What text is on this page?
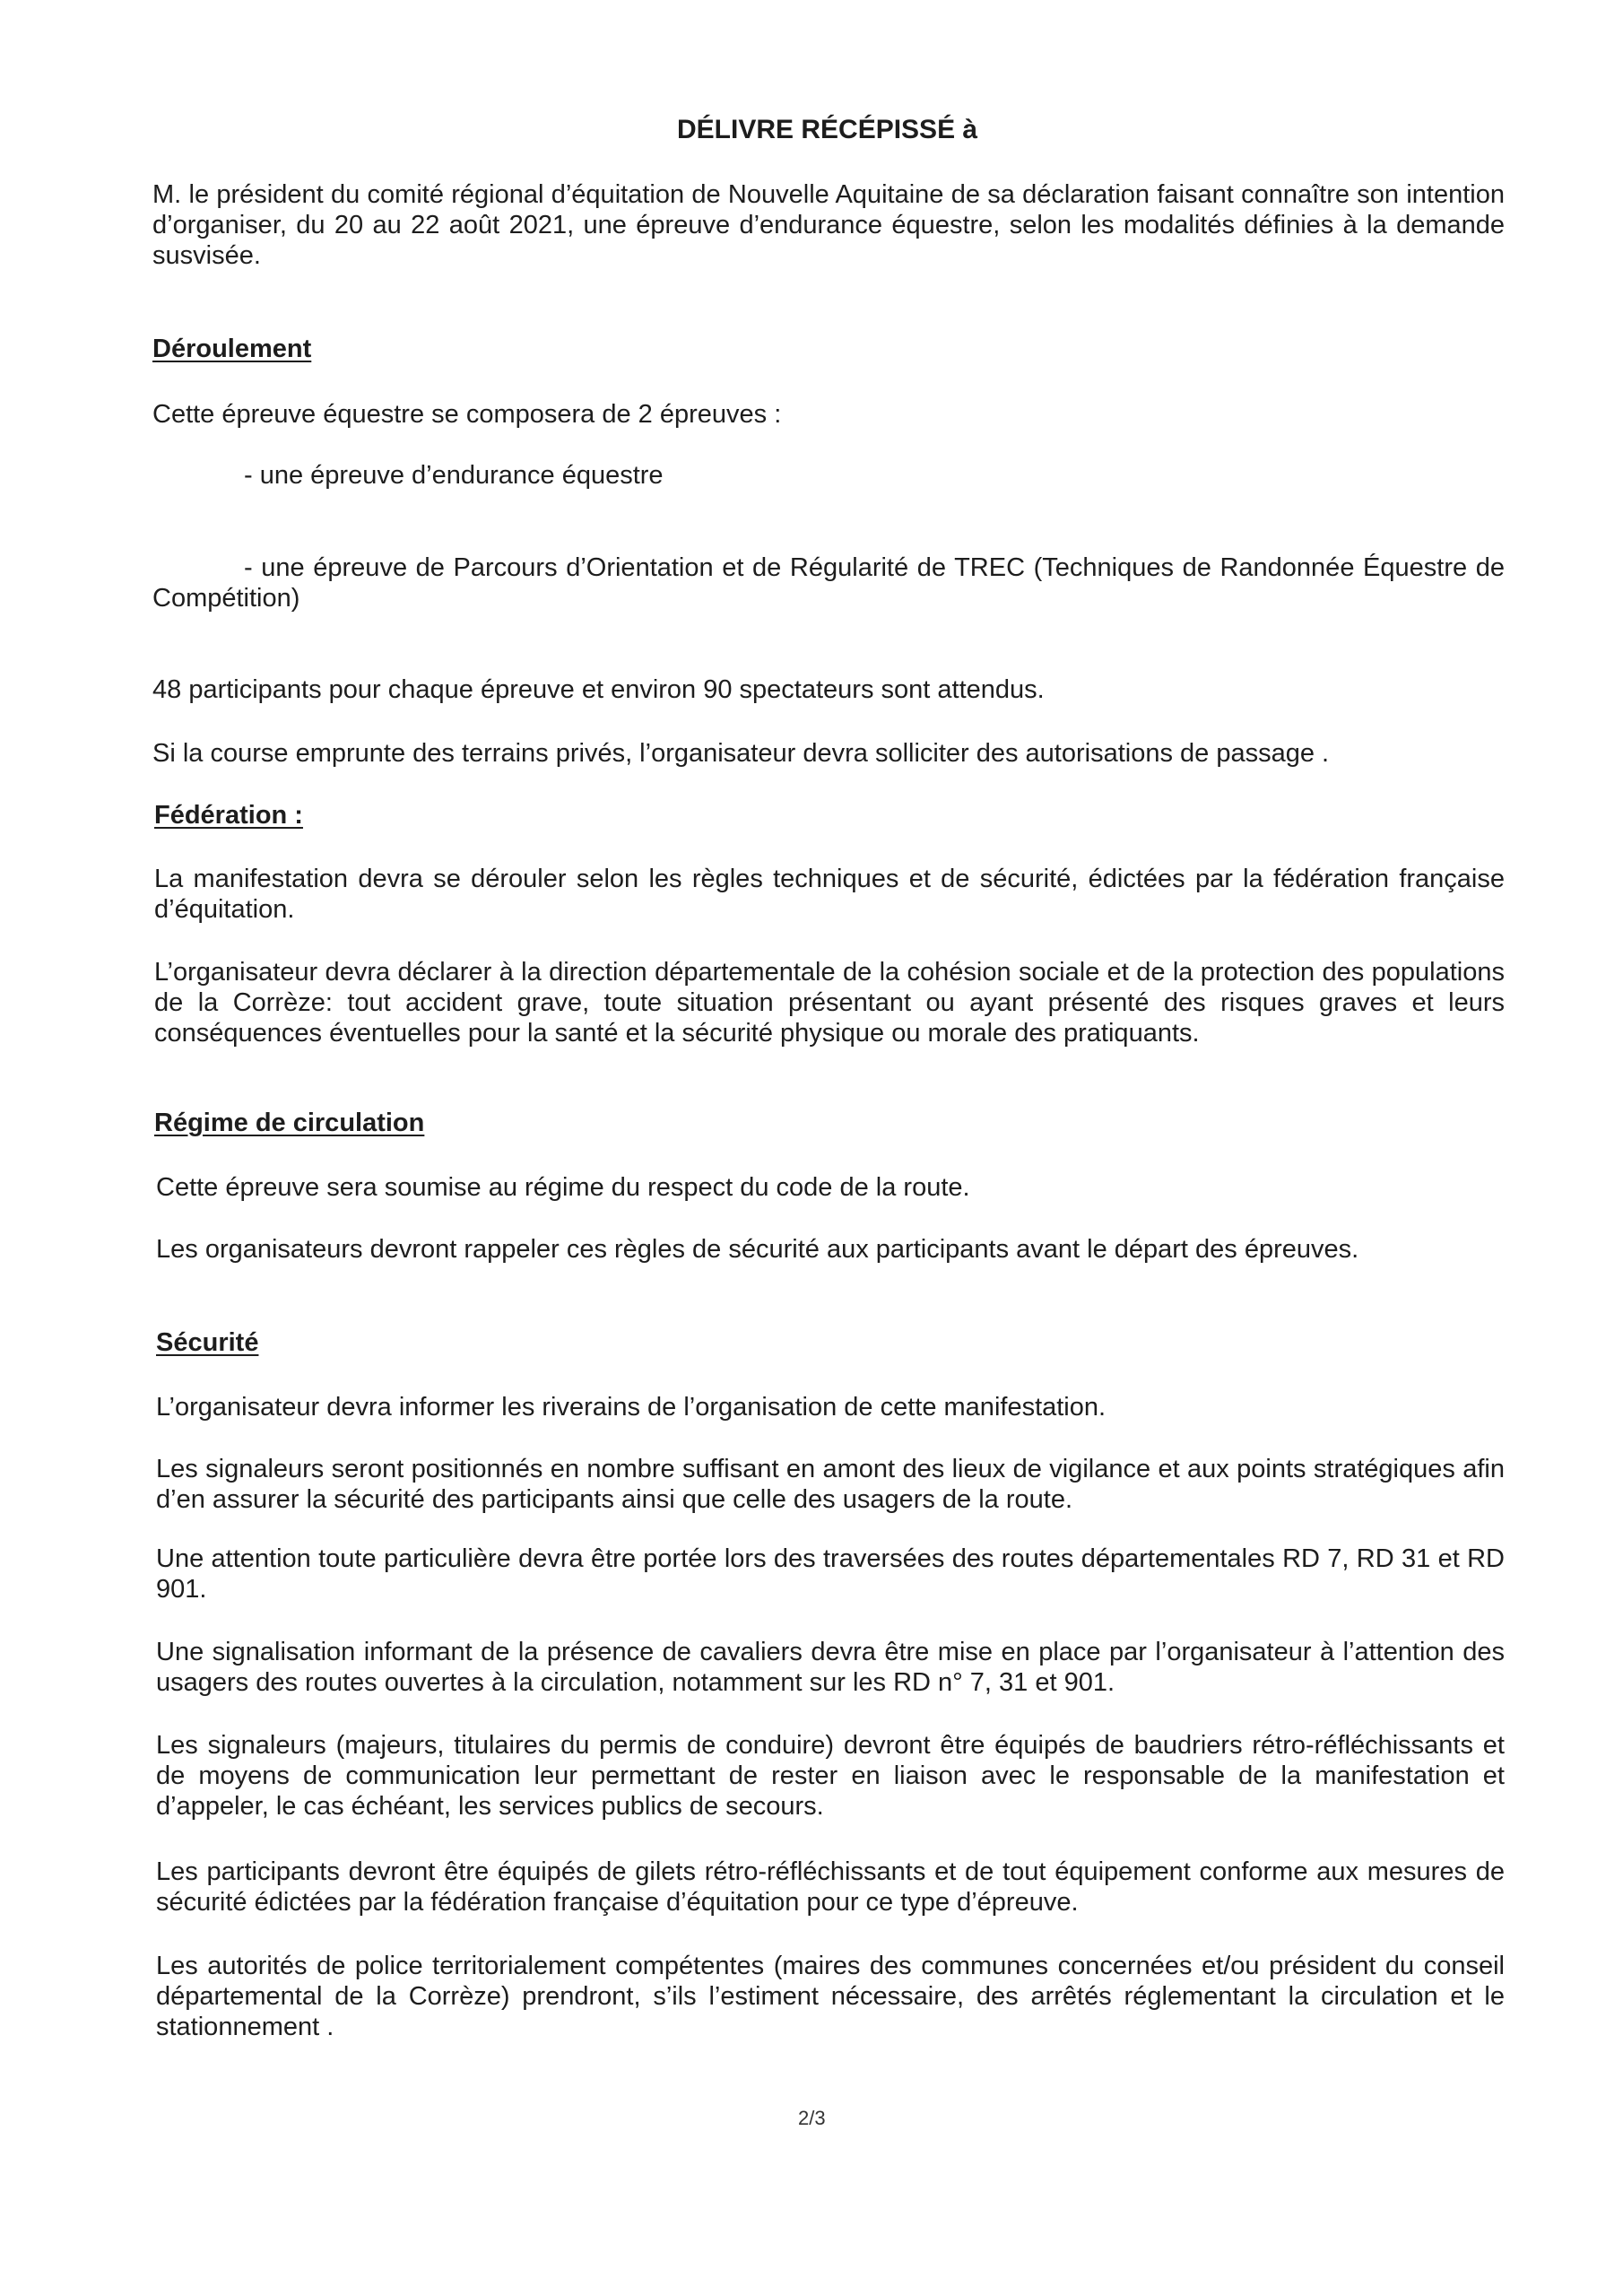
DÉLIVRE RÉCÉPISSÉ à

M. le président du comité régional d’équitation de Nouvelle Aquitaine de sa déclaration faisant connaître son intention d’organiser, du 20 au 22 août 2021, une épreuve d’endurance équestre, selon les modalités définies à la demande susvisée.

Déroulement

Cette épreuve équestre se composera de 2 épreuves :

- une épreuve d’endurance équestre

- une épreuve de Parcours d’Orientation et de Régularité de TREC (Techniques de Randonnée Équestre de Compétition)

48 participants pour chaque épreuve et environ 90 spectateurs sont attendus.

Si la course emprunte des terrains privés, l’organisateur devra solliciter des autorisations de passage .

Fédération :

La manifestation devra se dérouler selon les règles techniques et de sécurité, édictées par la fédération française d’équitation.

L’organisateur devra déclarer à la direction départementale de la cohésion sociale et de la protection des populations de la Corrèze: tout accident grave, toute situation présentant ou ayant présenté des risques graves et leurs conséquences éventuelles pour la santé et la sécurité physique ou morale des pratiquants.

Régime de circulation

Cette épreuve sera soumise au régime du respect du code de la route.

Les organisateurs devront rappeler ces règles de sécurité aux participants avant le départ des épreuves.

Sécurité

L’organisateur devra informer les riverains de l’organisation de cette manifestation.

Les signaleurs seront positionnés en nombre suffisant en amont des lieux de vigilance et aux points stratégiques afin d’en assurer la sécurité des participants ainsi que celle des usagers de la route.

Une attention toute particulière devra être portée lors des traversées des routes départementales RD 7, RD 31 et RD 901.

Une signalisation informant de la présence de cavaliers devra être mise en place par l’organisateur à l’attention des usagers des routes ouvertes à la circulation, notamment sur les RD n° 7, 31 et 901.

Les signaleurs (majeurs, titulaires du permis de conduire) devront être équipés de baudriers rétro-réfléchissants et de moyens de communication leur permettant de rester en liaison avec le responsable de la manifestation et d’appeler, le cas échéant, les services publics de secours.

Les participants devront être équipés de gilets rétro-réfléchissants et de tout équipement conforme aux mesures de sécurité édictées par la fédération française d’équitation pour ce type d’épreuve.

Les autorités de police territorialement compétentes (maires des communes concernées et/ou président du conseil départemental de la Corrèze) prendront, s’ils l’estiment nécessaire, des arrêtés réglementant la circulation et le stationnement .

2/3
